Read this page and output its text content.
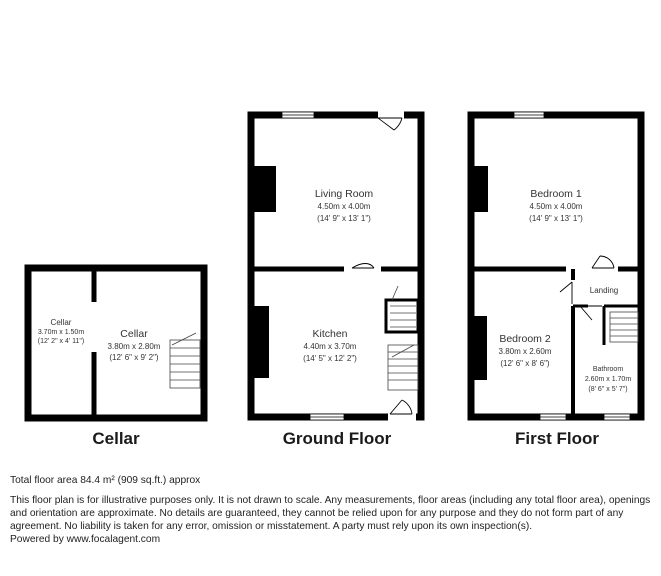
Cellar
3.70m x 1.50m
(12' 2" x 4' 11")
Cellar
3.80m x 2.80m
(12' 6" x 9' 2")
Cellar
Living Room
4.50m x 4.00m
(14' 9" x 13' 1")
Kitchen
4.40m x 3.70m
(14' 5" x 12' 2")
Ground Floor
Bedroom 1
4.50m x 4.00m
(14' 9" x 13' 1")
Landing
Bedroom 2
3.80m x 2.60m
(12' 6" x 8' 6")
Bathroom
2.60m x 1.70m
(8' 6" x 5' 7")
First Floor

Total floor area 84.4 m² (909 sq.ft.) approx

This floor plan is for illustrative purposes only. It is not drawn to scale. Any measurements, floor areas (including any total floor area), openings and orientation are approximate. No details are guaranteed, they cannot be relied upon for any purpose and they do not form part of any agreement. No liability is taken for any error, omission or misstatement. A party must rely upon its own inspection(s).

Powered by www.focalagent.com
